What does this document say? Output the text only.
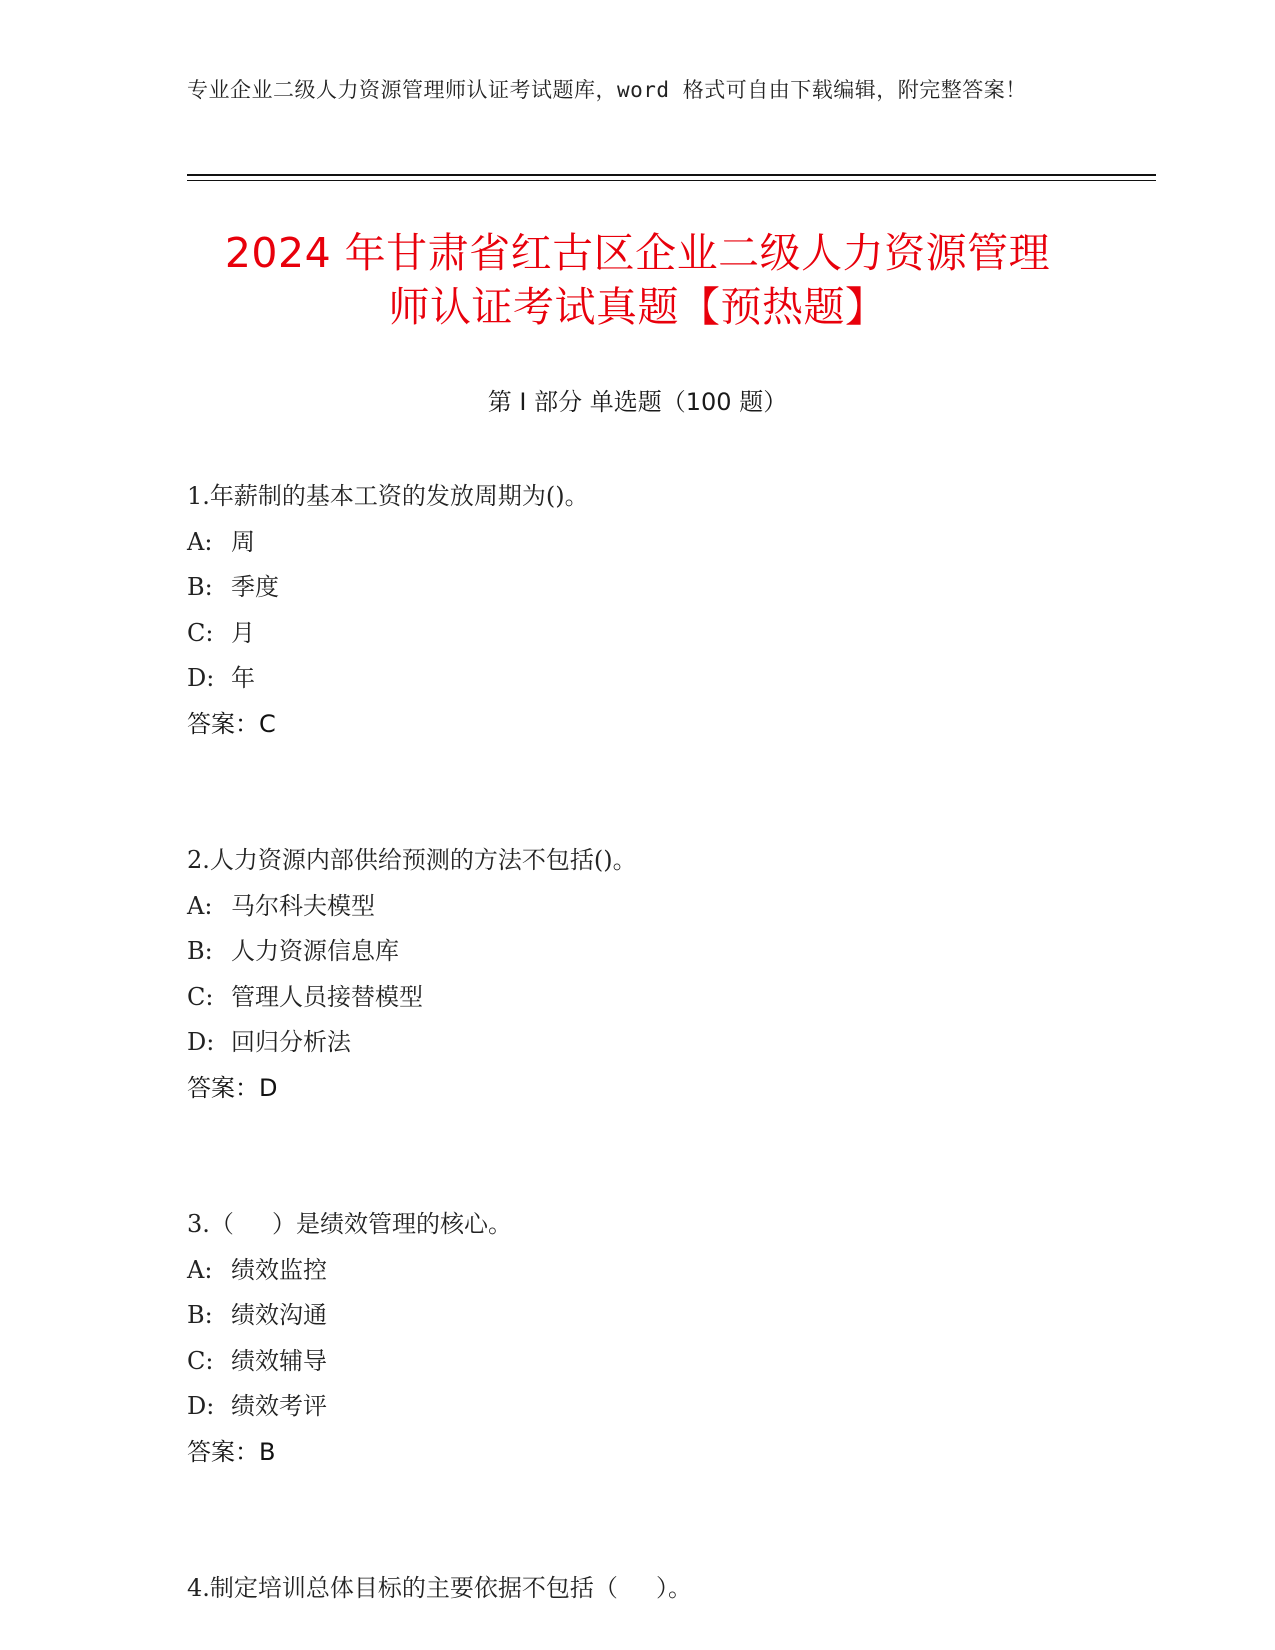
专业企业二级人力资源管理师认证考试题库，word 格式可自由下载编辑，附完整答案！
2024 年甘肃省红古区企业二级人力资源管理
师认证考试真题【预热题】
第 I 部分 单选题（100 题）
1.年薪制的基本工资的发放周期为()。
A: 周
B: 季度
C: 月
D: 年
答案：C
2.人力资源内部供给预测的方法不包括()。
A: 马尔科夫模型
B: 人力资源信息库
C: 管理人员接替模型
D: 回归分析法
答案：D
3.（     ）是绩效管理的核心。
A: 绩效监控
B: 绩效沟通
C: 绩效辅导
D: 绩效考评
答案：B
4.制定培训总体目标的主要依据不包括（     ）。
